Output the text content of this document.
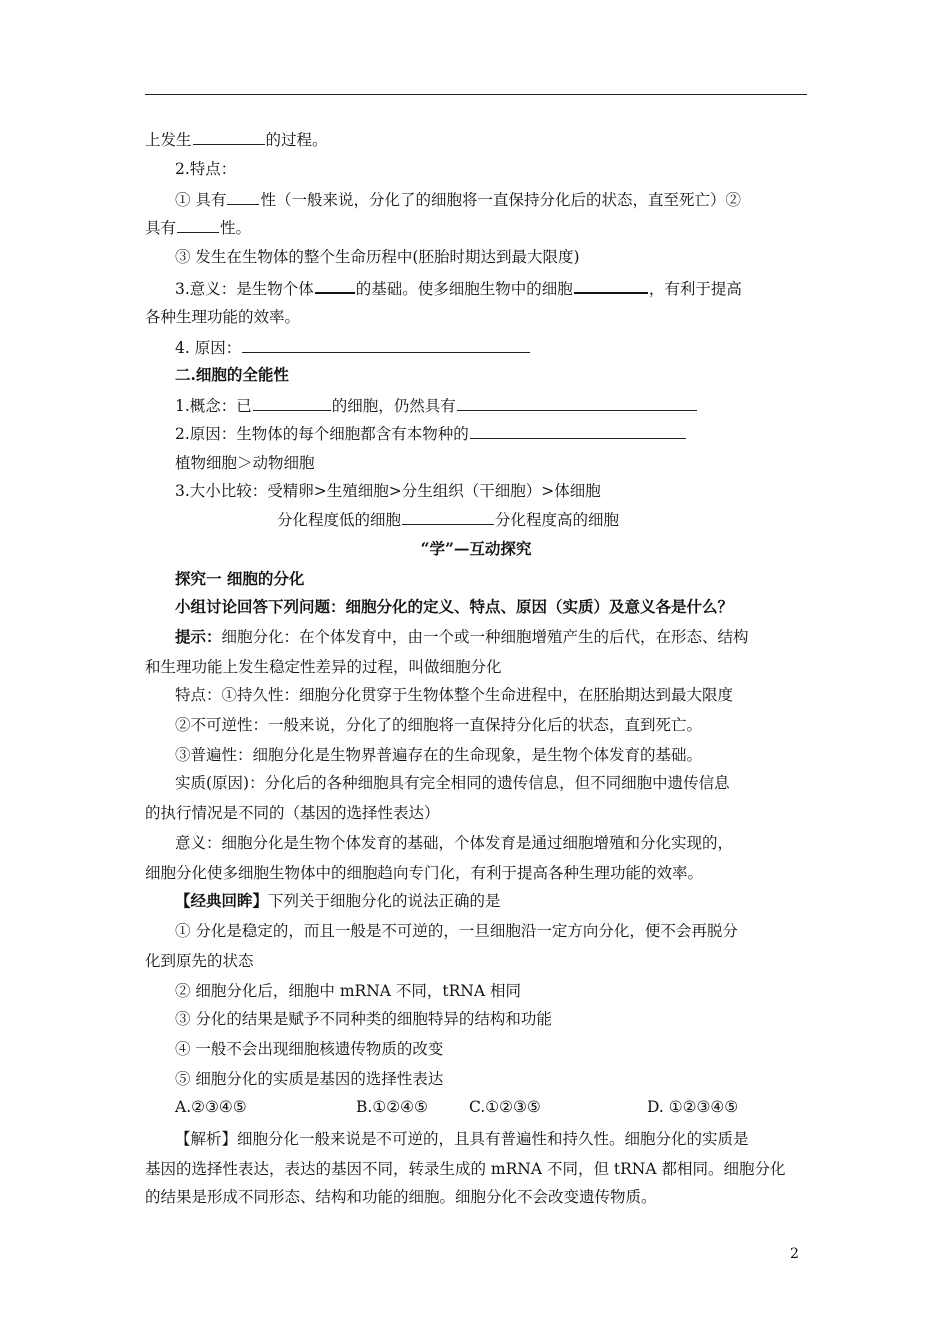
上发生	的过程。
2.特点：
① 具有 性（一般来说，分化了的细胞将一直保持分化后的状态，直至死亡）②
具有	性。
③ 发生在生物体的整个生命历程中(胚胎时期达到最大限度)
3.意义：是生物个体	的基础。使多细胞生物中的细胞	，有利于提高
各种生理功能的效率。
4. 原因：
二.细胞的全能性
1.概念：已	的细胞，仍然具有
2.原因：生物体的每个细胞都含有本物种的
植物细胞＞动物细胞
3.大小比较：受精卵>生殖细胞>分生组织（干细胞）>体细胞
分化程度低的细胞	分化程度高的细胞
“学”—互动探究
探究一 细胞的分化
小组讨论回答下列问题：细胞分化的定义、特点、原因（实质）及意义各是什么？
提示：细胞分化：在个体发育中，由一个或一种细胞增殖产生的后代，在形态、结构
和生理功能上发生稳定性差异的过程，叫做细胞分化
特点：①持久性：细胞分化贯穿于生物体整个生命进程中，在胚胎期达到最大限度
②不可逆性：一般来说，分化了的细胞将一直保持分化后的状态，直到死亡。
③普遍性：细胞分化是生物界普遍存在的生命现象，是生物个体发育的基础。
实质(原因)：分化后的各种细胞具有完全相同的遗传信息，但不同细胞中遗传信息
的执行情况是不同的（基因的选择性表达）
意义：细胞分化是生物个体发育的基础，个体发育是通过细胞增殖和分化实现的，
细胞分化使多细胞生物体中的细胞趋向专门化，有利于提高各种生理功能的效率。
【经典回眸】下列关于细胞分化的说法正确的是
① 分化是稳定的，而且一般是不可逆的，一旦细胞沿一定方向分化，便不会再脱分
化到原先的状态
② 细胞分化后，细胞中 mRNA 不同，tRNA 相同
③ 分化的结果是赋予不同种类的细胞特异的结构和功能
④ 一般不会出现细胞核遗传物质的改变
⑤ 细胞分化的实质是基因的选择性表达
A.②③④⑤	B.①②④⑤	C.①②③⑤	D. ①②③④⑤
【解析】细胞分化一般来说是不可逆的，且具有普遍性和持久性。细胞分化的实质是
基因的选择性表达，表达的基因不同，转录生成的 mRNA 不同，但 tRNA 都相同。细胞分化
的结果是形成不同形态、结构和功能的细胞。细胞分化不会改变遗传物质。
2
